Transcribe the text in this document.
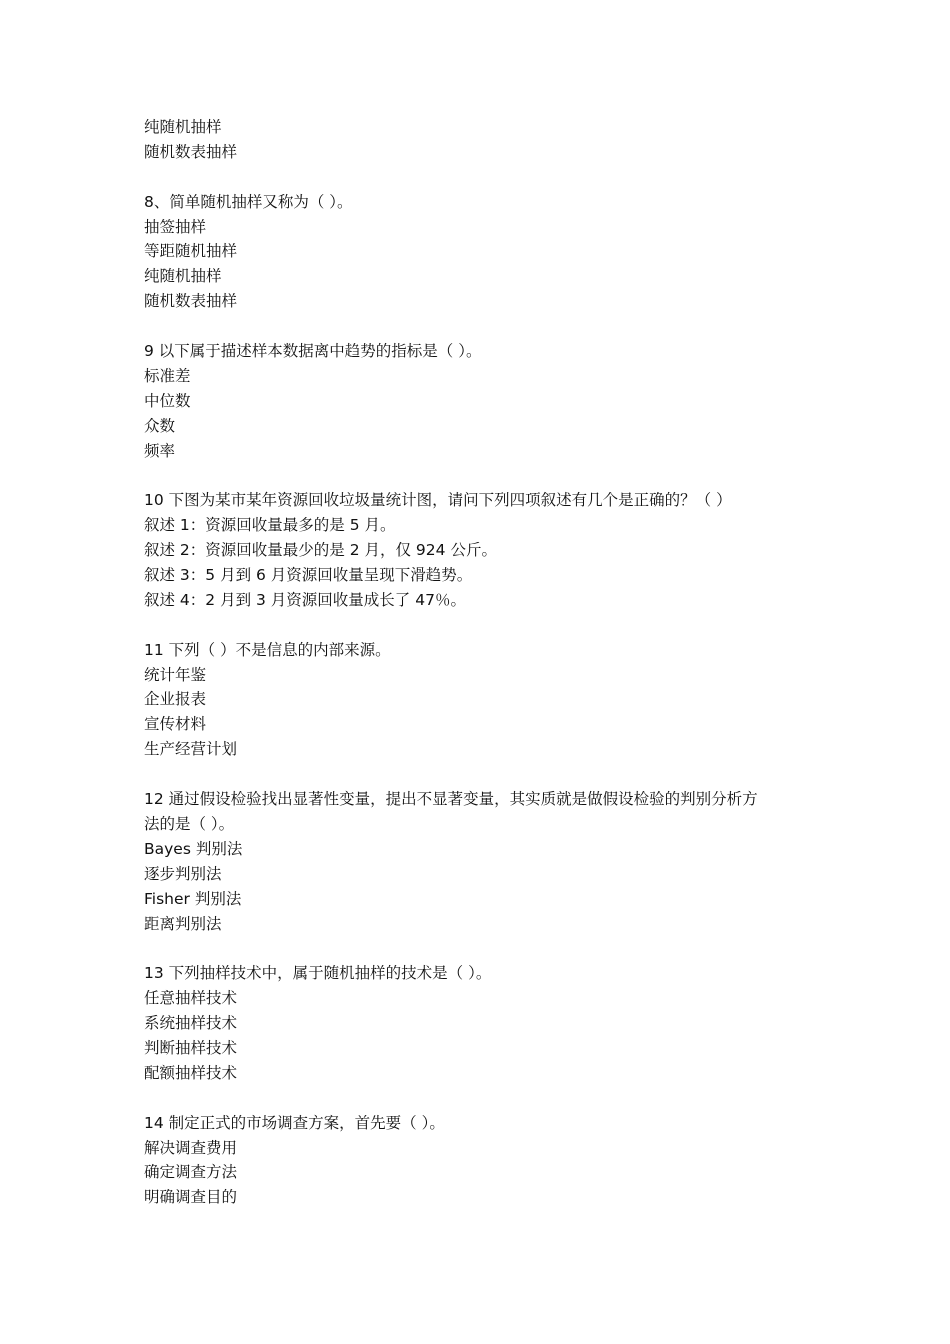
纯随机抽样
随机数表抽样
8、简单随机抽样又称为（ ）。
抽签抽样
等距随机抽样
纯随机抽样
随机数表抽样
9 以下属于描述样本数据离中趋势的指标是（ ）。
标准差
中位数
众数
频率
10 下图为某市某年资源回收垃圾量统计图，请问下列四项叙述有几个是正确的？（ ）
叙述 1：资源回收量最多的是 5 月。
叙述 2：资源回收量最少的是 2 月，仅 924 公斤。
叙述 3：5 月到 6 月资源回收量呈现下滑趋势。
叙述 4：2 月到 3 月资源回收量成长了 47％。
11 下列（ ）不是信息的内部来源。
统计年鉴
企业报表
宣传材料
生产经营计划
12 通过假设检验找出显著性变量，提出不显著变量，其实质就是做假设检验的判别分析方
法的是（ ）。
Bayes 判别法
逐步判别法
Fisher 判别法
距离判别法
13 下列抽样技术中，属于随机抽样的技术是（ ）。
任意抽样技术
系统抽样技术
判断抽样技术
配额抽样技术
14 制定正式的市场调查方案，首先要（ ）。
解决调查费用
确定调查方法
明确调查目的
